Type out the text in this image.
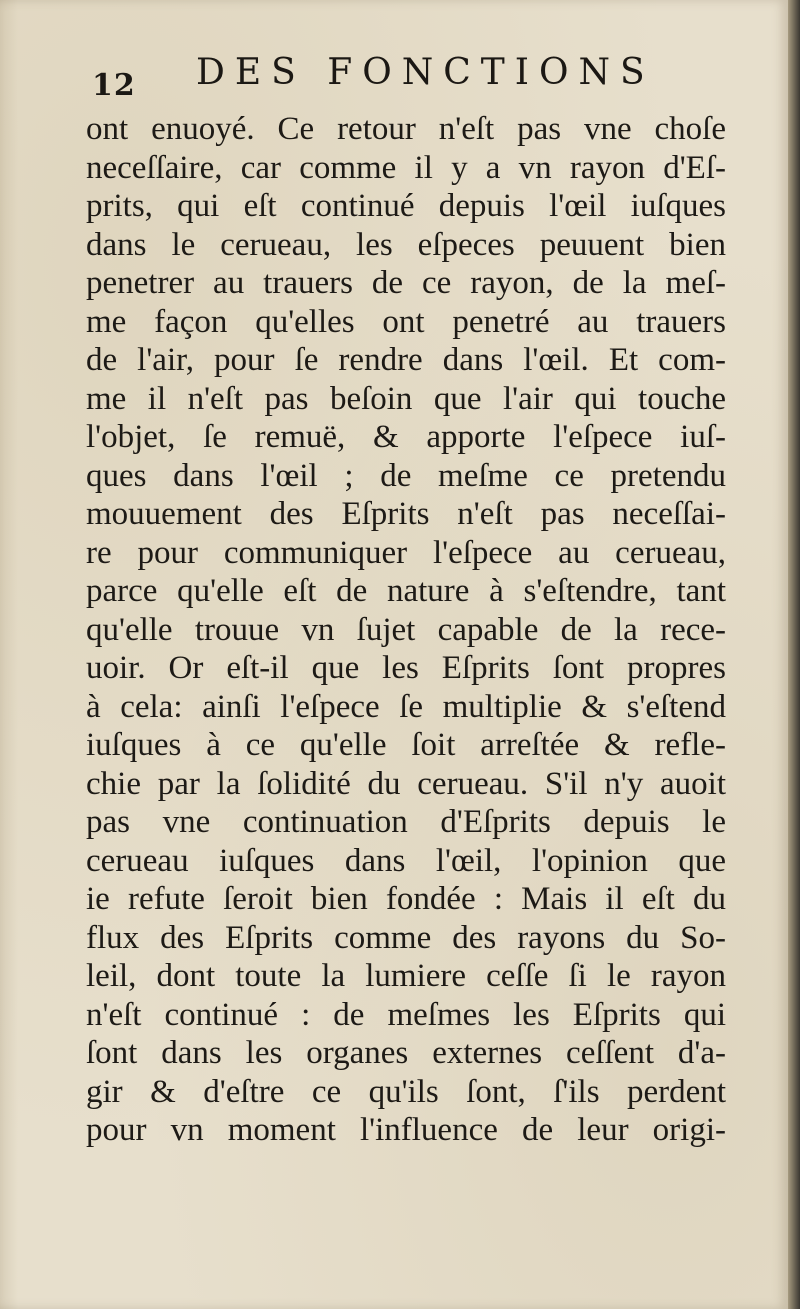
12 DES FONCTIONS
ont enuoyé. Ce retour n'eſt pas vne choſe
neceſſaire, car comme il y a vn rayon d'Eſ-
prits, qui eſt continué depuis l'œil iuſques
dans le cerueau, les eſpeces peuuent bien
penetrer au trauers de ce rayon, de la meſ-
me façon qu'elles ont penetré au trauers
de l'air, pour ſe rendre dans l'œil. Et com-
me il n'eſt pas beſoin que l'air qui touche
l'objet, ſe remuë, & apporte l'eſpece iuſ-
ques dans l'œil ; de meſme ce pretendu
mouuement des Eſprits n'eſt pas neceſſai-
re pour communiquer l'eſpece au cerueau,
parce qu'elle eſt de nature à s'eſtendre, tant
qu'elle trouue vn ſujet capable de la rece-
uoir. Or eſt-il que les Eſprits ſont propres
à cela: ainſi l'eſpece ſe multiplie & s'eſtend
iuſques à ce qu'elle ſoit arreſtée & refle-
chie par la ſolidité du cerueau. S'il n'y auoit
pas vne continuation d'Eſprits depuis le
cerueau iuſques dans l'œil, l'opinion que
ie refute ſeroit bien fondée : Mais il eſt du
flux des Eſprits comme des rayons du So-
leil, dont toute la lumiere ceſſe ſi le rayon
n'eſt continué : de meſmes les Eſprits qui
ſont dans les organes externes ceſſent d'a-
gir & d'eſtre ce qu'ils ſont, ſ'ils perdent
pour vn moment l'influence de leur origi-
